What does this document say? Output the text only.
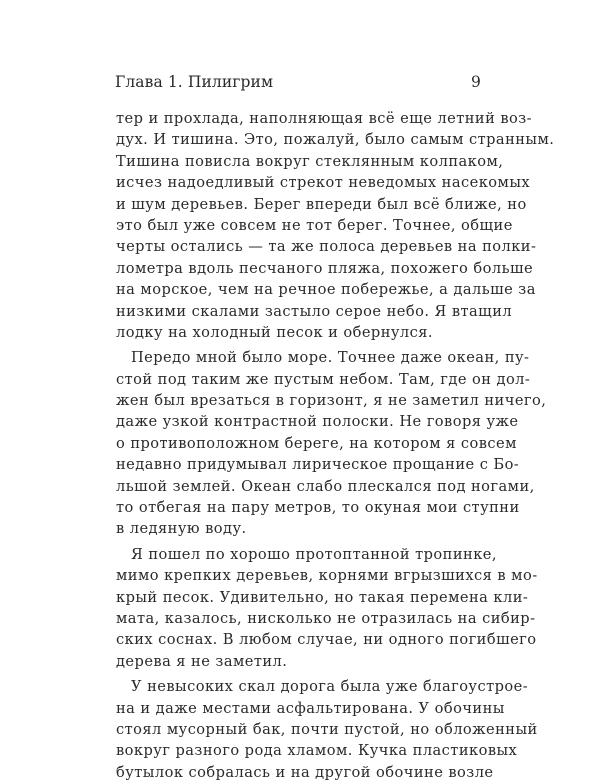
Глава 1. Пилигрим	9
тер и прохлада, наполняющая всё еще летний воз-
дух. И тишина. Это, пожалуй, было самым странным.
Тишина повисла вокруг стеклянным колпаком,
исчез надоедливый стрекот неведомых насекомых
и шум деревьев. Берег впереди был всё ближе, но
это был уже совсем не тот берег. Точнее, общие
черты остались — та же полоса деревьев на полки-
лометра вдоль песчаного пляжа, похожего больше
на морское, чем на речное побережье, а дальше за
низкими скалами застыло серое небо. Я втащил
лодку на холодный песок и обернулся.
Передо мной было море. Точнее даже океан, пу-
стой под таким же пустым небом. Там, где он дол-
жен был врезаться в горизонт, я не заметил ничего,
даже узкой контрастной полоски. Не говоря уже
о противоположном береге, на котором я совсем
недавно придумывал лирическое прощание с Бо-
льшой землей. Океан слабо плескался под ногами,
то отбегая на пару метров, то окуная мои ступни
в ледяную воду.
Я пошел по хорошо протоптанной тропинке,
мимо крепких деревьев, корнями вгрызшихся в мо-
крый песок. Удивительно, но такая перемена кли-
мата, казалось, нисколько не отразилась на сибир-
ских соснах. В любом случае, ни одного погибшего
дерева я не заметил.
У невысоких скал дорога была уже благоустрое-
на и даже местами асфальтирована. У обочины
стоял мусорный бак, почти пустой, но обложенный
вокруг разного рода хламом. Кучка пластиковых
бутылок собралась и на другой обочине возле
